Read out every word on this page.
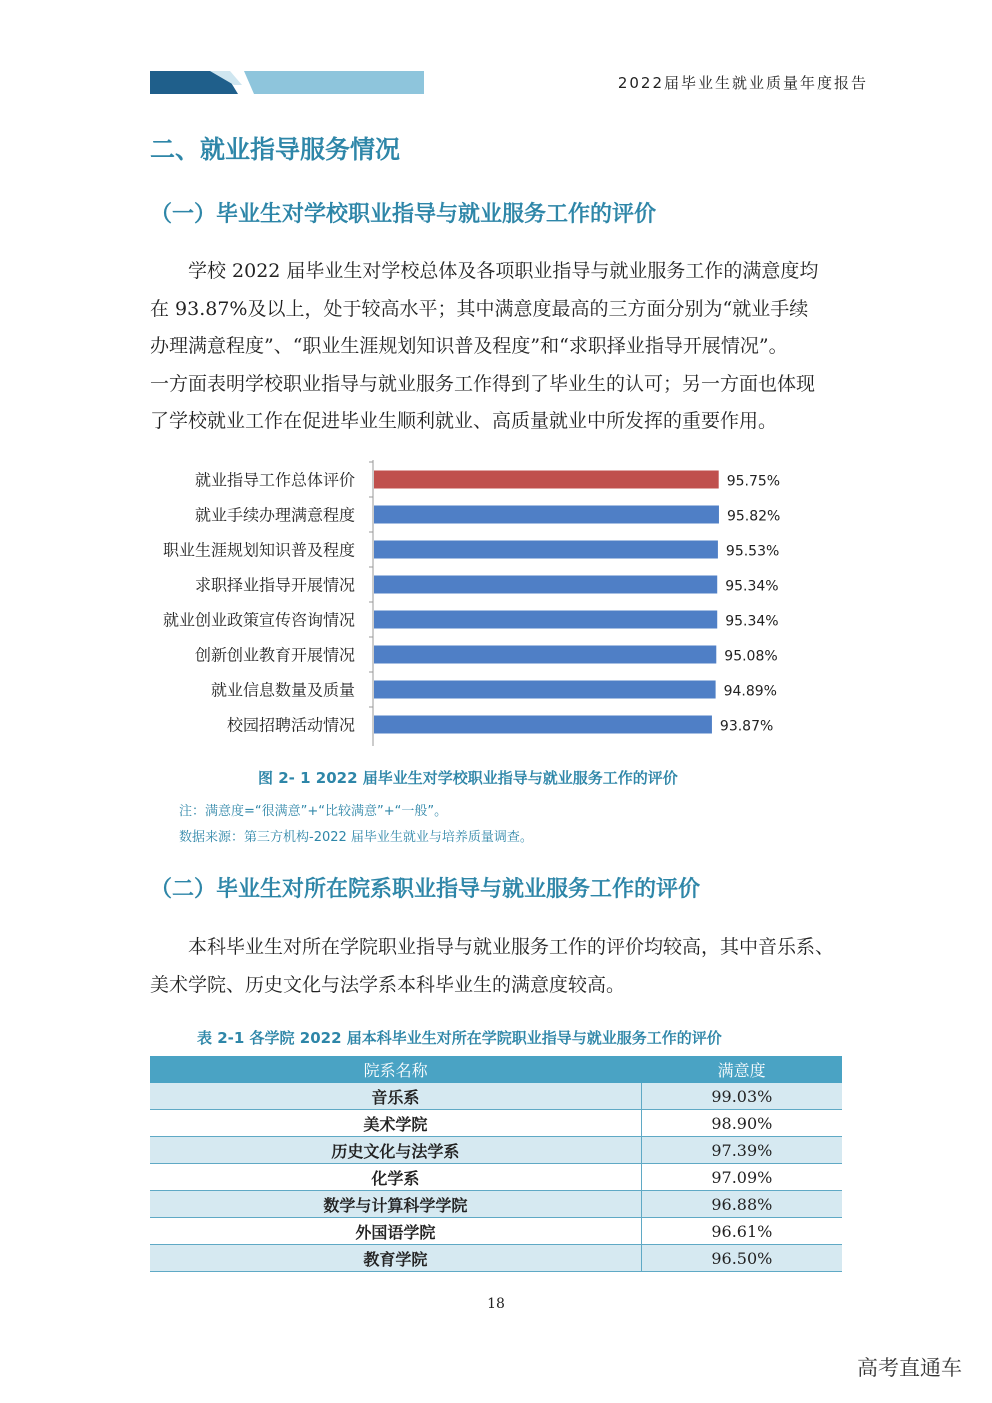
2022届毕业生就业质量年度报告
二、就业指导服务情况
（一）毕业生对学校职业指导与就业服务工作的评价

学校 2022 届毕业生对学校总体及各项职业指导与就业服务工作的满意度均

在 93.87%及以上，处于较高水平；其中满意度最高的三方面分别为“就业手续

办理满意程度”、“职业生涯规划知识普及程度”和“求职择业指导开展情况”。

一方面表明学校职业指导与就业服务工作得到了毕业生的认可；另一方面也体现

了学校就业工作在促进毕业生顺利就业、高质量就业中所发挥的重要作用。

就业指导工作总体评价	95.75%
就业手续办理满意程度	95.82%
职业生涯规划知识普及程度	95.53%
求职择业指导开展情况	95.34%
就业创业政策宣传咨询情况	95.34%
创新创业教育开展情况	95.08%
就业信息数量及质量	94.89%
校园招聘活动情况	93.87%
图 2- 1 2022 届毕业生对学校职业指导与就业服务工作的评价
注：满意度=“很满意”+“比较满意”+“一般”。
数据来源：第三方机构-2022 届毕业生就业与培养质量调查。
（二）毕业生对所在院系职业指导与就业服务工作的评价

本科毕业生对所在学院职业指导与就业服务工作的评价均较高，其中音乐系、

美术学院、历史文化与法学系本科毕业生的满意度较高。

表 2-1 各学院 2022 届本科毕业生对所在学院职业指导与就业服务工作的评价
院系名称	满意度
音乐系	99.03%
美术学院	98.90%
历史文化与法学系	97.39%
化学系	97.09%
数学与计算科学学院	96.88%
外国语学院	96.61%
教育学院	96.50%
18
高考直通车
